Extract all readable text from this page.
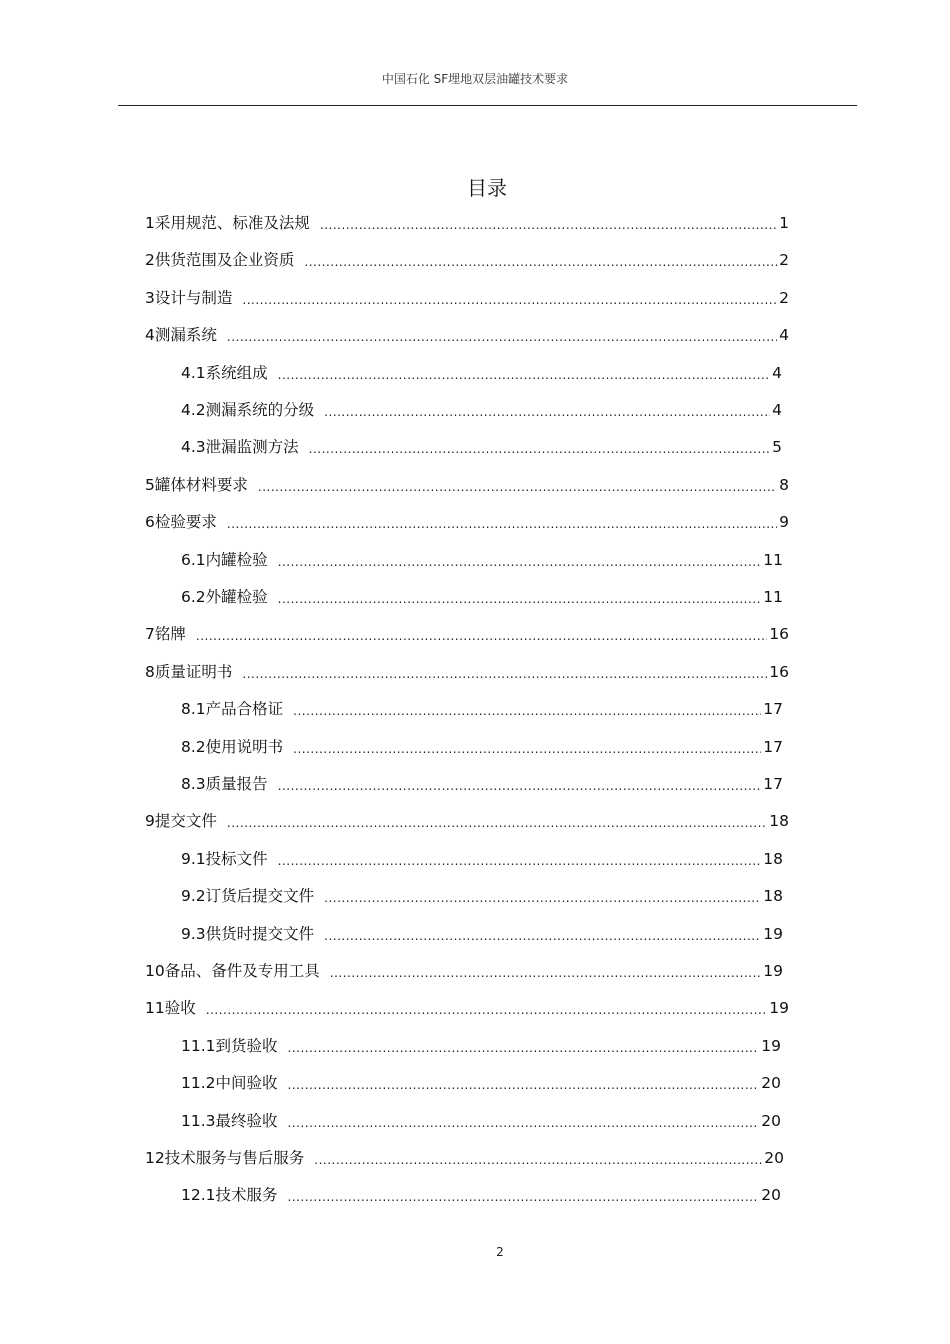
中国石化 SF埋地双层油罐技术要求
目录
1 采用规范、标准及法规 .....	1
2 供货范围及企业资质 .....	2
3 设计与制造 .....	2
4 测漏系统 .....	4
4.1 系统组成 .....	4
4.2 测漏系统的分级 .....	4
4.3 泄漏监测方法 .....	5
5 罐体材料要求 .....	8
6 检验要求 .....	9
6.1 内罐检验 .....	11
6.2 外罐检验 .....	11
7 铭牌 .....	16
8 质量证明书 .....	16
8.1 产品合格证 .....	17
8.2 使用说明书 .....	17
8.3 质量报告 .....	17
9 提交文件 .....	18
9.1 投标文件 .....	18
9.2 订货后提交文件 .....	18
9.3 供货时提交文件 .....	19
10 备品、备件及专用工具 .....	19
11 验收 .....	19
11.1 到货验收 .....	19
11.2 中间验收 .....	20
11.3 最终验收 .....	20
12 技术服务与售后服务 .....	20
12.1 技术服务 .....	20
2
